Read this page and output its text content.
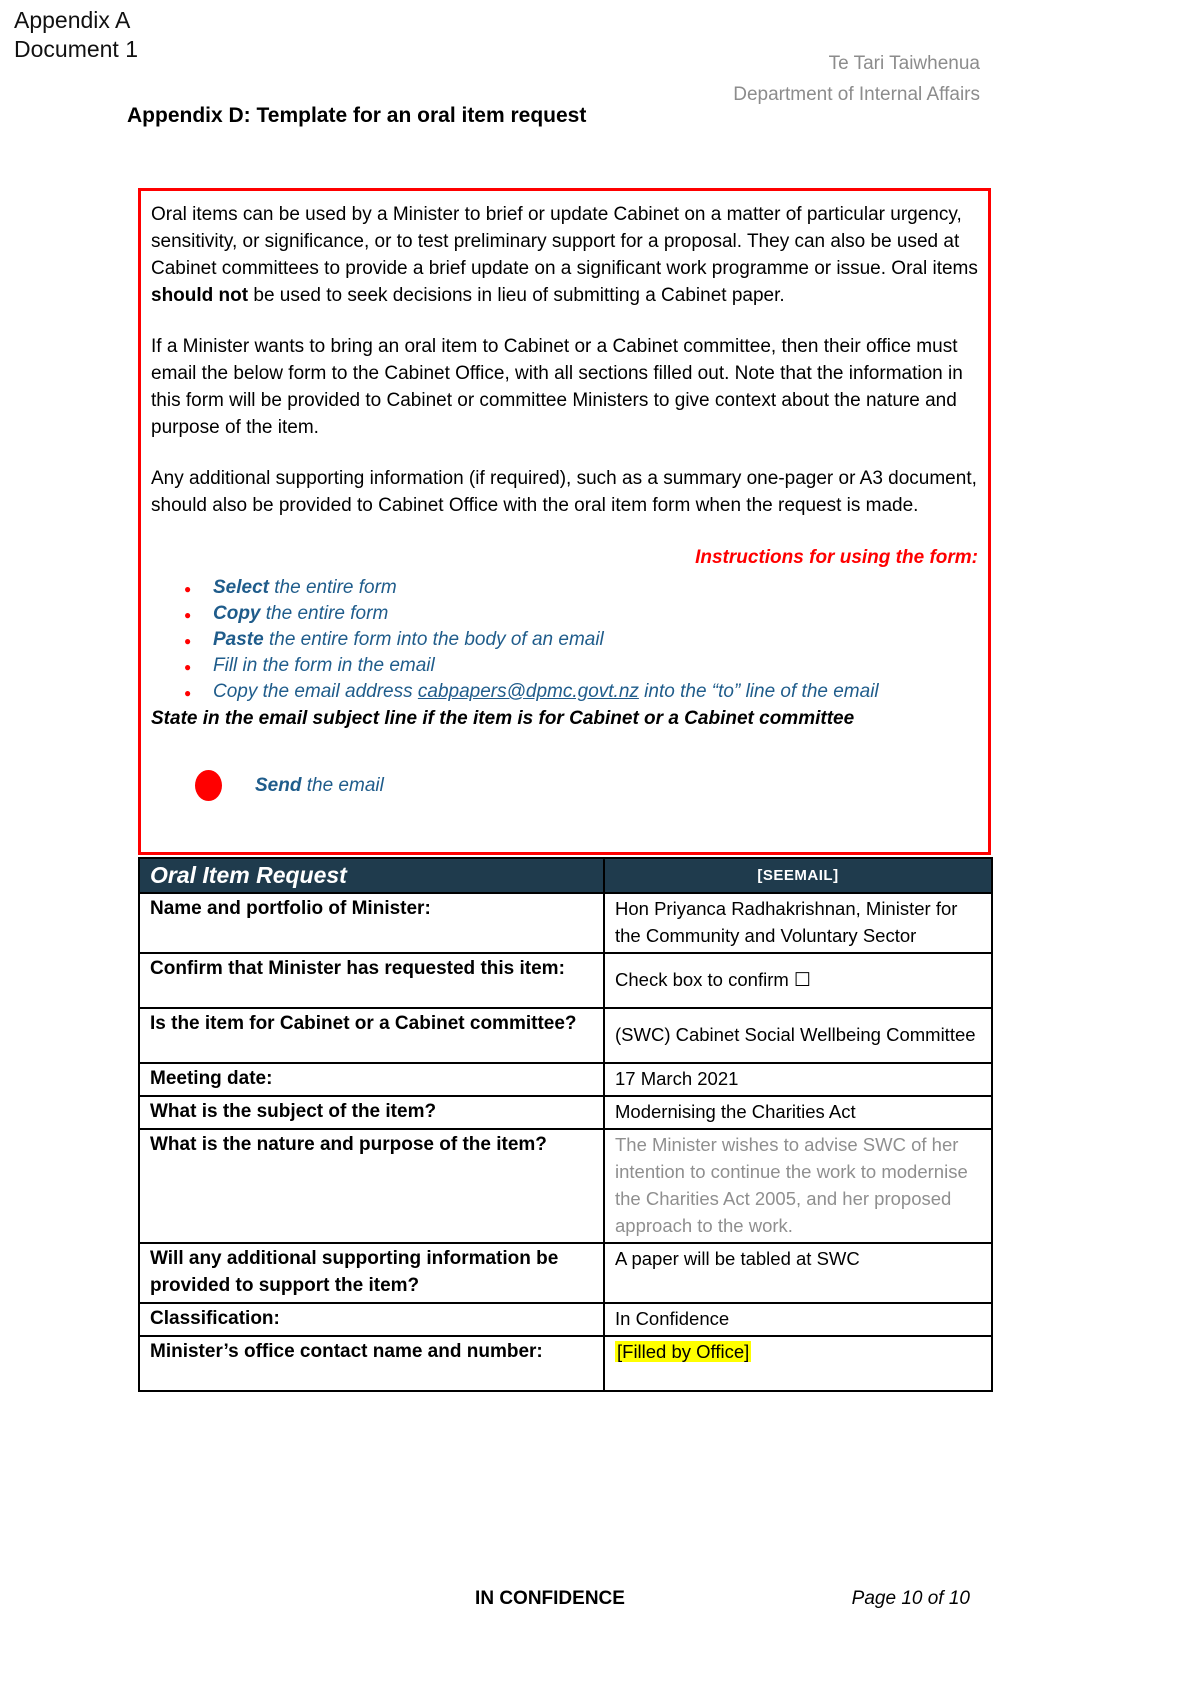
Appendix A
Document 1
Te Tari Taiwhenua
Department of Internal Affairs
Appendix D: Template for an oral item request

Oral items can be used by a Minister to brief or update Cabinet on a matter of particular urgency, sensitivity, or significance, or to test preliminary support for a proposal. They can also be used at Cabinet committees to provide a brief update on a significant work programme or issue. Oral items should not be used to seek decisions in lieu of submitting a Cabinet paper.

If a Minister wants to bring an oral item to Cabinet or a Cabinet committee, then their office must email the below form to the Cabinet Office, with all sections filled out. Note that the information in this form will be provided to Cabinet or committee Ministers to give context about the nature and purpose of the item.

Any additional supporting information (if required), such as a summary one-pager or A3 document, should also be provided to Cabinet Office with the oral item form when the request is made.

Instructions for using the form:
● Select the entire form
● Copy the entire form
● Paste the entire form into the body of an email
● Fill in the form in the email
● Copy the email address cabpapers@dpmc.govt.nz into the “to” line of the email
State in the email subject line if the item is for Cabinet or a Cabinet committee
Send the email
Oral Item Request	[SEEMAIL]
Name and portfolio of Minister:	Hon Priyanca Radhakrishnan, Minister for the Community and Voluntary Sector
Confirm that Minister has requested this item:	Check box to confirm ☐
Is the item for Cabinet or a Cabinet committee?	(SWC) Cabinet Social Wellbeing Committee
Meeting date:	17 March 2021
What is the subject of the item?	Modernising the Charities Act
What is the nature and purpose of the item?	The Minister wishes to advise SWC of her intention to continue the work to modernise the Charities Act 2005, and her proposed approach to the work.
Will any additional supporting information be provided to support the item?	A paper will be tabled at SWC
Classification:	In Confidence
Minister’s office contact name and number:	[Filled by Office]
IN CONFIDENCE	Page 10 of 10
